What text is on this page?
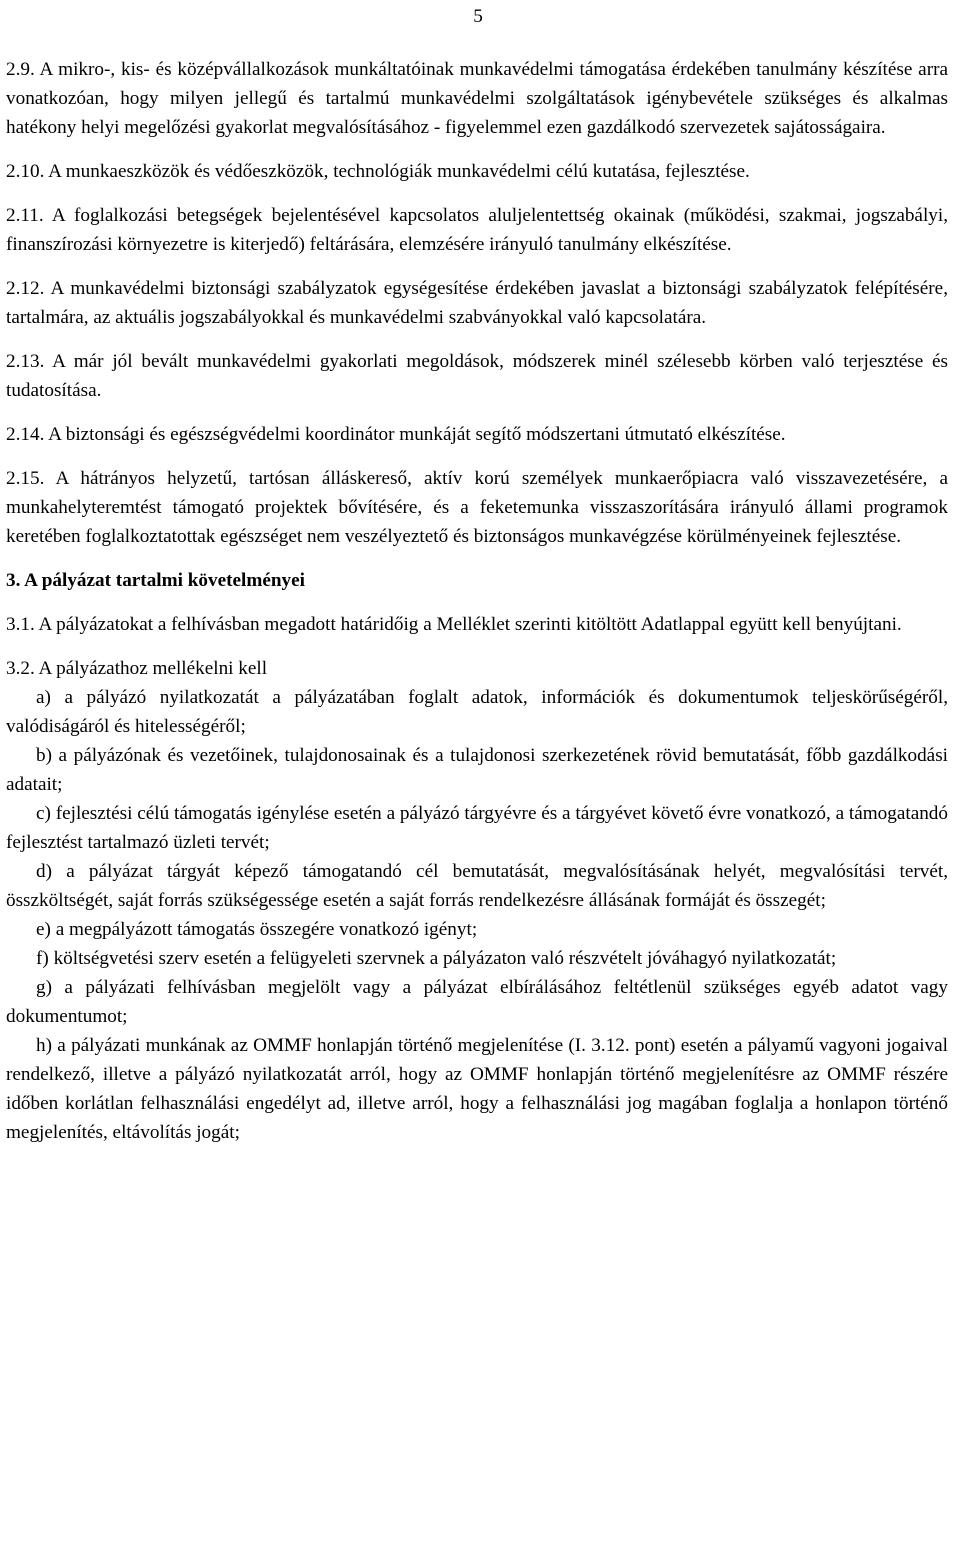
5

2.9. A mikro-, kis- és középvállalkozások munkáltatóinak munkavédelmi támogatása érdekében tanulmány készítése arra vonatkozóan, hogy milyen jellegű és tartalmú munkavédelmi szolgáltatások igénybevétele szükséges és alkalmas hatékony helyi megelőzési gyakorlat megvalósításához - figyelemmel ezen gazdálkodó szervezetek sajátosságaira.

2.10. A munkaeszközök és védőeszközök, technológiák munkavédelmi célú kutatása, fejlesztése.

2.11. A foglalkozási betegségek bejelentésével kapcsolatos aluljelentettség okainak (működési, szakmai, jogszabályi, finanszírozási környezetre is kiterjedő) feltárására, elemzésére irányuló tanulmány elkészítése.

2.12. A munkavédelmi biztonsági szabályzatok egységesítése érdekében javaslat a biztonsági szabályzatok felépítésére, tartalmára, az aktuális jogszabályokkal és munkavédelmi szabványokkal való kapcsolatára.

2.13. A már jól bevált munkavédelmi gyakorlati megoldások, módszerek minél szélesebb körben való terjesztése és tudatosítása.

2.14. A biztonsági és egészségvédelmi koordinátor munkáját segítő módszertani útmutató elkészítése.

2.15. A hátrányos helyzetű, tartósan álláskereső, aktív korú személyek munkaerőpiacra való visszavezetésére, a munkahelyteremtést támogató projektek bővítésére, és a feketemunka visszaszorítására irányuló állami programok keretében foglalkoztatottak egészséget nem veszélyeztető és biztonságos munkavégzése körülményeinek fejlesztése.

3. A pályázat tartalmi követelményei

3.1. A pályázatokat a felhívásban megadott határidőig a Melléklet szerinti kitöltött Adatlappal együtt kell benyújtani.

3.2. A pályázathoz mellékelni kell

a) a pályázó nyilatkozatát a pályázatában foglalt adatok, információk és dokumentumok teljeskörűségéről, valódiságáról és hitelességéről;

b) a pályázónak és vezetőinek, tulajdonosainak és a tulajdonosi szerkezetének rövid bemutatását, főbb gazdálkodási adatait;

c) fejlesztési célú támogatás igénylése esetén a pályázó tárgyévre és a tárgyévet követő évre vonatkozó, a támogatandó fejlesztést tartalmazó üzleti tervét;

d) a pályázat tárgyát képező támogatandó cél bemutatását, megvalósításának helyét, megvalósítási tervét, összköltségét, saját forrás szükségessége esetén a saját forrás rendelkezésre állásának formáját és összegét;

e) a megpályázott támogatás összegére vonatkozó igényt;

f) költségvetési szerv esetén a felügyeleti szervnek a pályázaton való részvételt jóváhagyó nyilatkozatát;

g) a pályázati felhívásban megjelölt vagy a pályázat elbírálásához feltétlenül szükséges egyéb adatot vagy dokumentumot;

h) a pályázati munkának az OMMF honlapján történő megjelenítése (I. 3.12. pont) esetén a pályamű vagyoni jogaival rendelkező, illetve a pályázó nyilatkozatát arról, hogy az OMMF honlapján történő megjelenítésre az OMMF részére időben korlátlan felhasználási engedélyt ad, illetve arról, hogy a felhasználási jog magában foglalja a honlapon történő megjelenítés, eltávolítás jogát;
